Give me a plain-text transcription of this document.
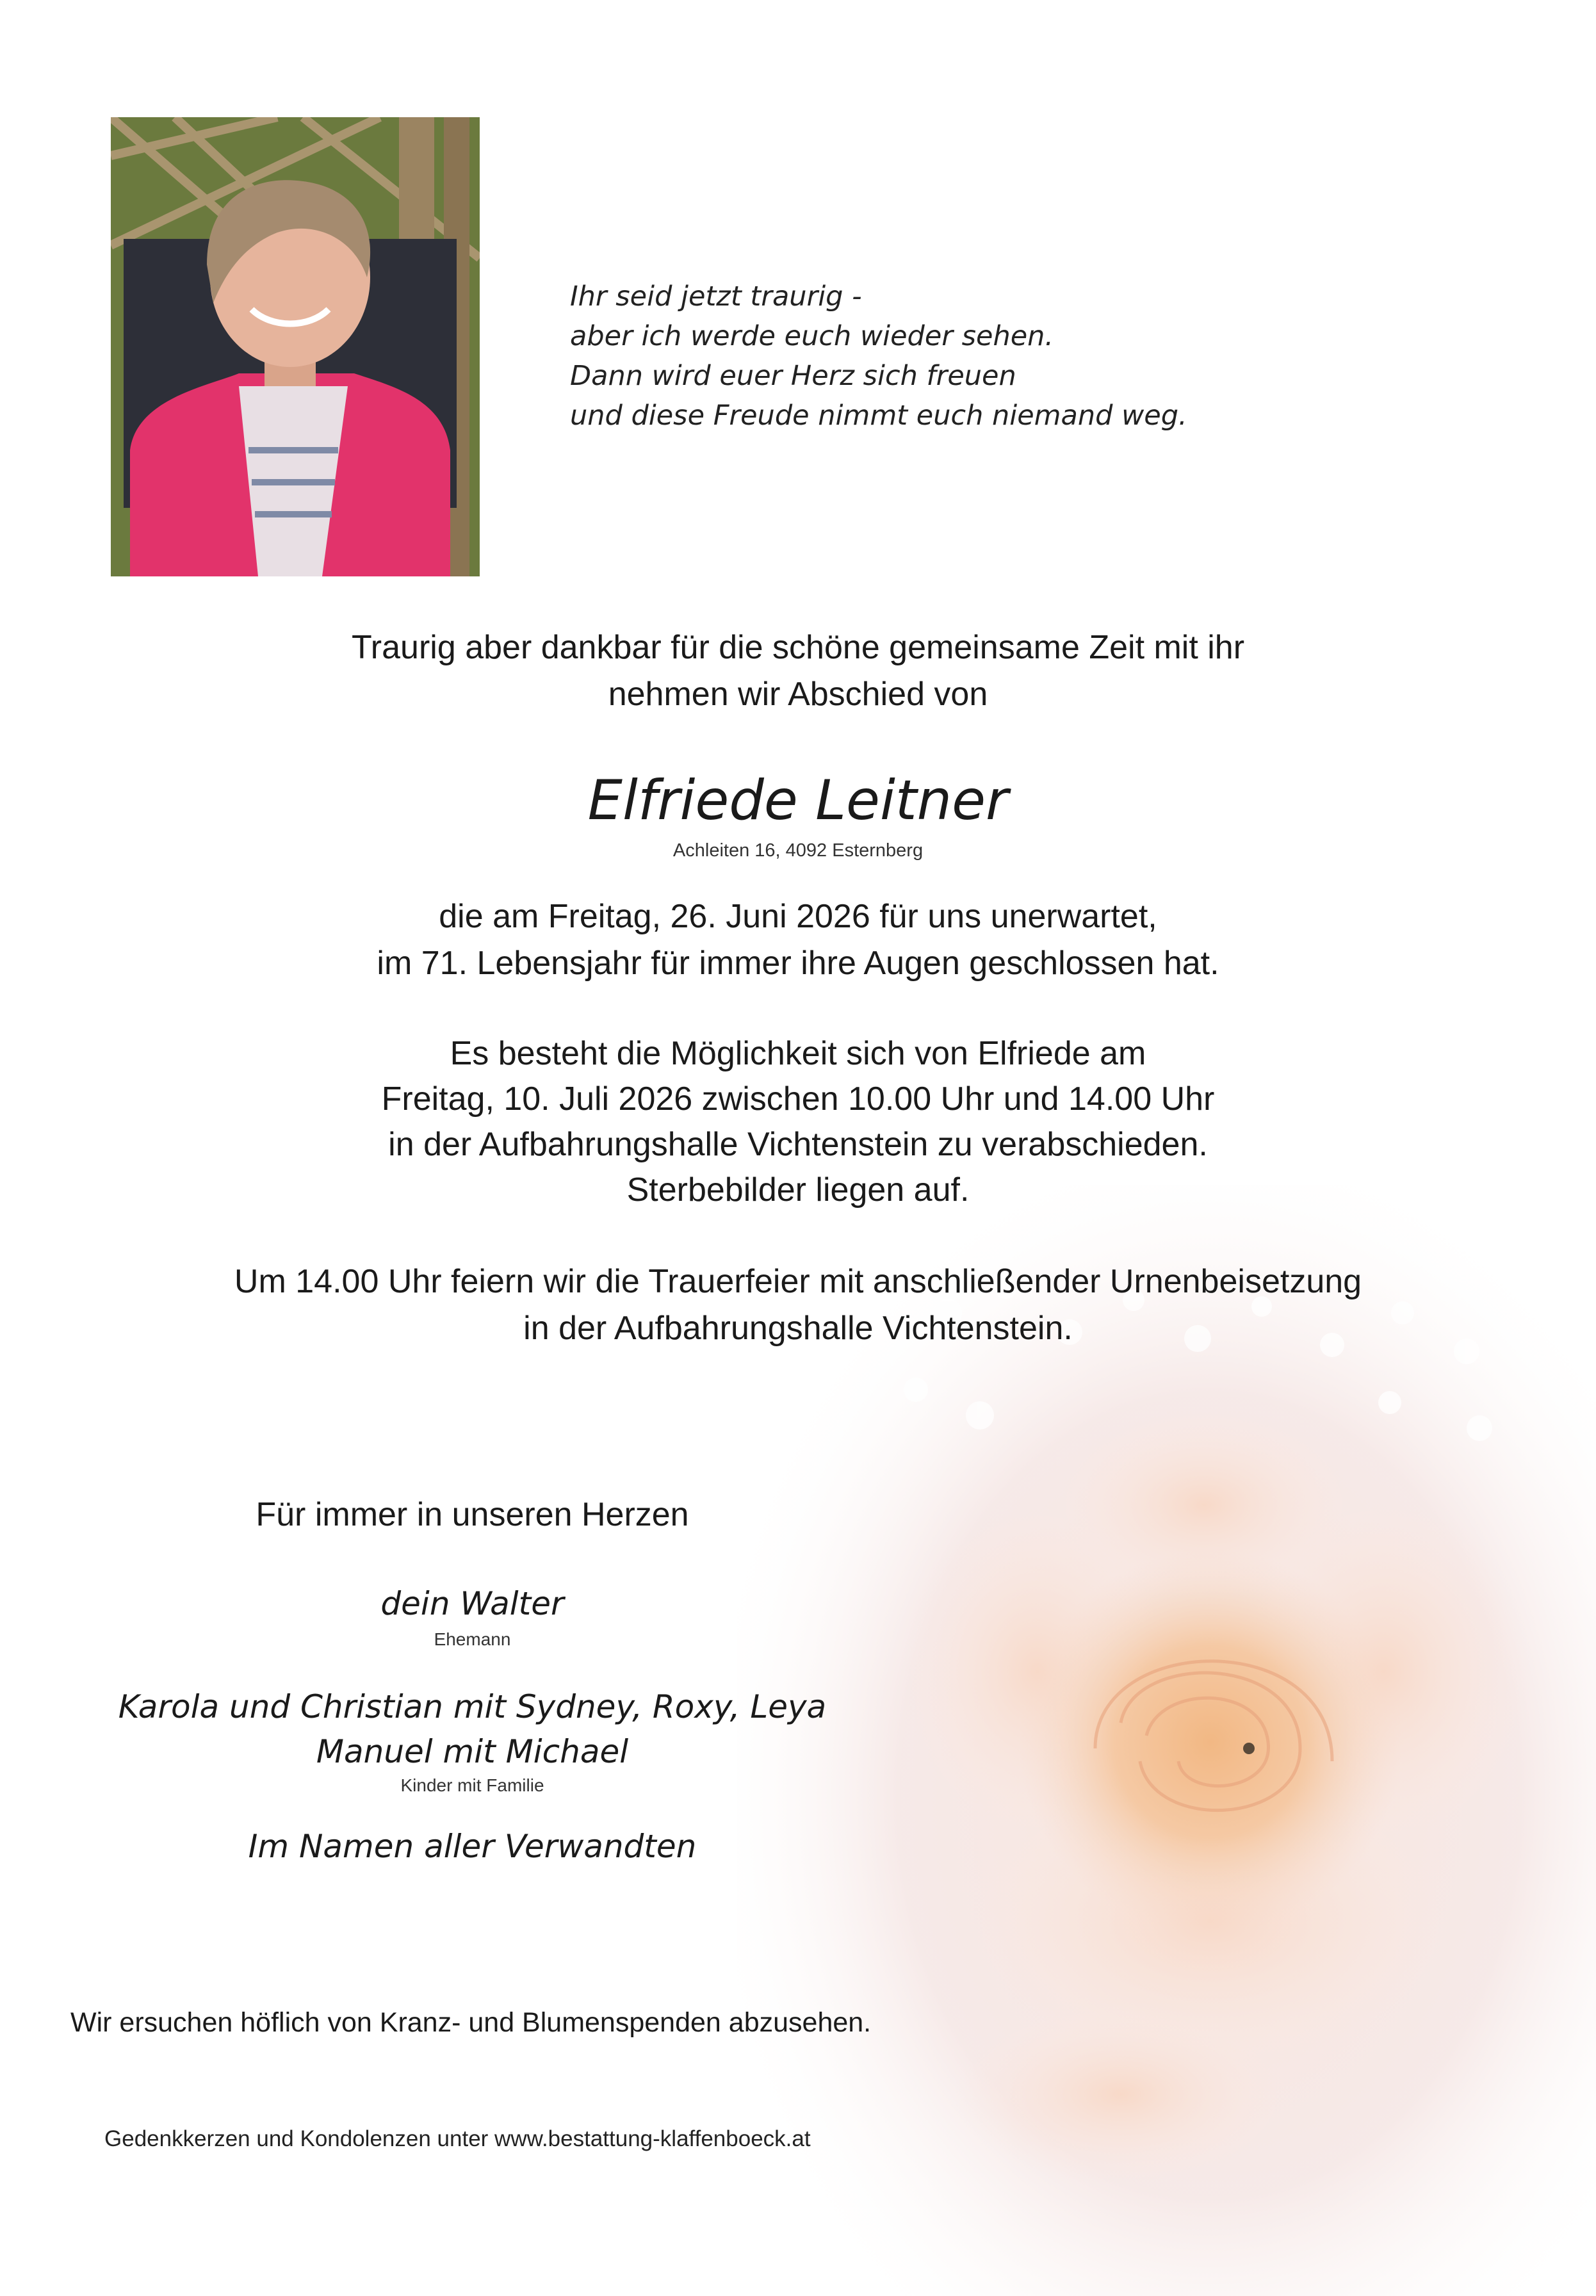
Ihr seid jetzt traurig -
aber ich werde euch wieder sehen.
Dann wird euer Herz sich freuen
und diese Freude nimmt euch niemand weg.
Traurig aber dankbar für die schöne gemeinsame Zeit mit ihr
nehmen wir Abschied von
Elfriede Leitner
Achleiten 16, 4092 Esternberg
die am Freitag, 26. Juni 2026 für uns unerwartet,
im 71. Lebensjahr für immer ihre Augen geschlossen hat.
Es besteht die Möglichkeit sich von Elfriede am
Freitag, 10. Juli 2026 zwischen 10.00 Uhr und 14.00 Uhr
in der Aufbahrungshalle Vichtenstein zu verabschieden.
Sterbebilder liegen auf.
Um 14.00 Uhr feiern wir die Trauerfeier mit anschließender Urnenbeisetzung
in der Aufbahrungshalle Vichtenstein.
Für immer in unseren Herzen
dein Walter
Ehemann
Karola und Christian mit Sydney, Roxy, Leya
Manuel mit Michael
Kinder mit Familie
Im Namen aller Verwandten
Wir ersuchen höflich von Kranz- und Blumenspenden abzusehen.
Gedenkkerzen und Kondolenzen unter www.bestattung-klaffenboeck.at
